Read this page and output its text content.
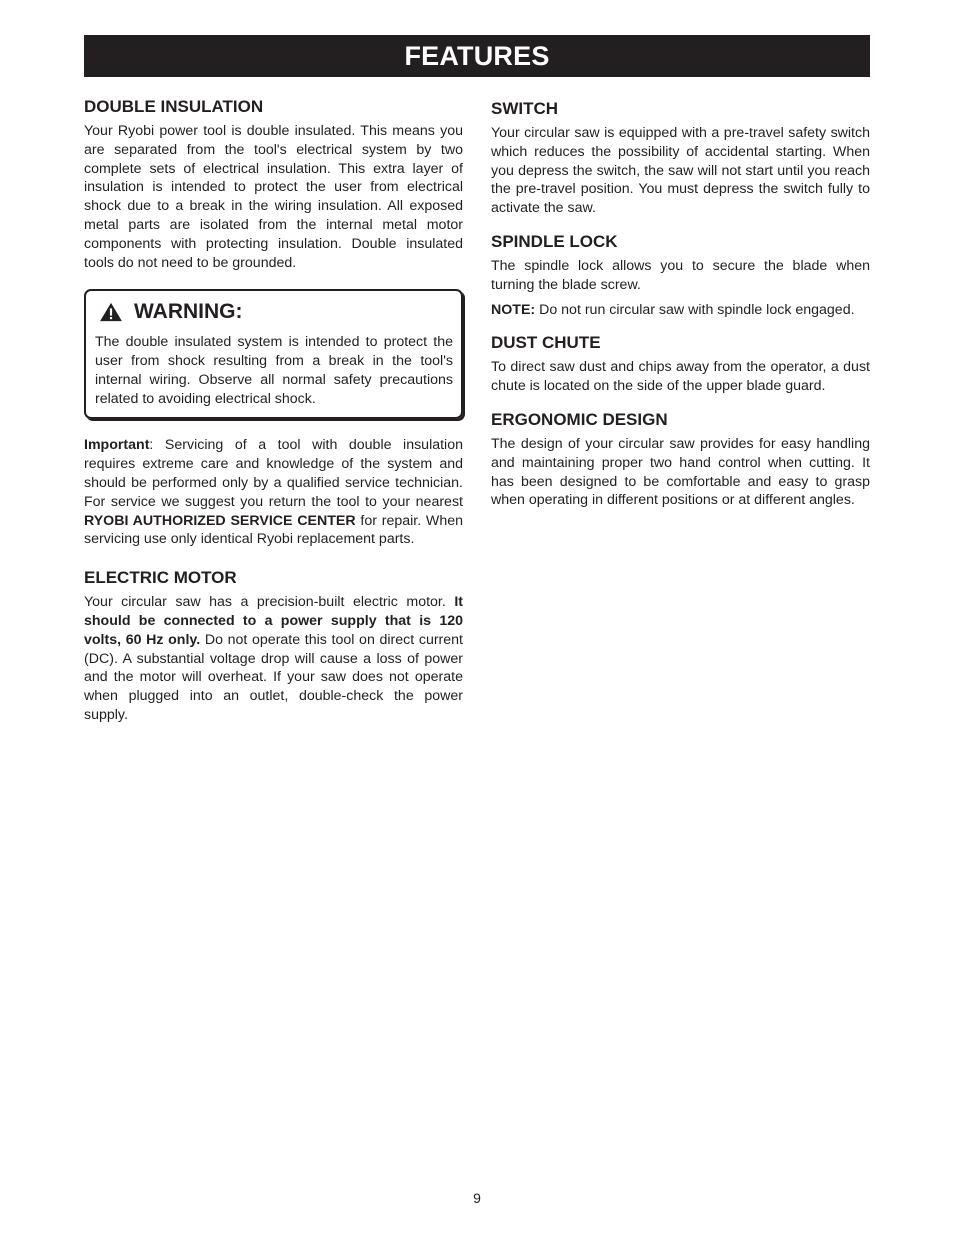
FEATURES
DOUBLE INSULATION

Your Ryobi power tool is double insulated. This means you are separated from the tool's electrical system by two complete sets of electrical insulation. This extra layer of insulation is intended to protect the user from electrical shock due to a break in the wiring insulation. All exposed metal parts are isolated from the internal metal motor components with protecting insulation. Double insulated tools do not need to be grounded.

WARNING:

The double insulated system is intended to protect the user from shock resulting from a break in the tool's internal wiring. Observe all normal safety precautions related to avoiding electrical shock.

Important: Servicing of a tool with double insulation requires extreme care and knowledge of the system and should be performed only by a qualified service technician. For service we suggest you return the tool to your nearest RYOBI AUTHORIZED SERVICE CENTER for repair. When servicing use only identical Ryobi replacement parts.

ELECTRIC MOTOR

Your circular saw has a precision-built electric motor. It should be connected to a power supply that is 120 volts, 60 Hz only. Do not operate this tool on direct current (DC). A substantial voltage drop will cause a loss of power and the motor will overheat. If your saw does not operate when plugged into an outlet, double-check the power supply.

SWITCH

Your circular saw is equipped with a pre-travel safety switch which reduces the possibility of accidental starting. When you depress the switch, the saw will not start until you reach the pre-travel position. You must depress the switch fully to activate the saw.

SPINDLE LOCK

The spindle lock allows you to secure the blade when turning the blade screw.

NOTE: Do not run circular saw with spindle lock engaged.

DUST CHUTE

To direct saw dust and chips away from the operator, a dust chute is located on the side of the upper blade guard.

ERGONOMIC DESIGN

The design of your circular saw provides for easy handling and maintaining proper two hand control when cutting. It has been designed to be comfortable and easy to grasp when operating in different positions or at different angles.

9
